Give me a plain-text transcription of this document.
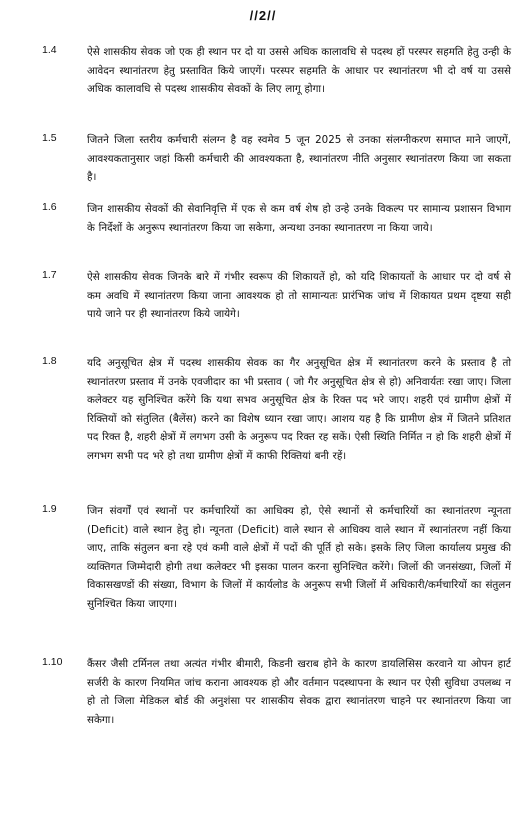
//2//
1.4	ऐसे शासकीय सेवक जो एक ही स्थान पर दो या उससे अधिक कालावधि से पदस्थ हों परस्पर सहमति हेतु उन्ही के आवेदन स्थानांतरण हेतु प्रस्तावित किये जाएगें। परस्पर सहमति के आधार पर स्थानांतरण भी दो वर्ष या उससे अधिक कालावधि से पदस्थ शासकीय सेवकों के लिए लागू होगा।
1.5	जितने जिला स्तरीय कर्मचारी संलग्न है वह स्वमेव 5 जून 2025 से उनका संलग्नीकरण समाप्त माने जाएगें, आवश्यकतानुसार जहां किसी कर्मचारी की आवश्यकता है, स्थानांतरण नीति अनुसार स्थानांतरण किया जा सकता है।
1.6	जिन शासकीय सेवकों की सेवानिवृत्ति में एक से कम वर्ष शेष हो उन्हे उनके विकल्प पर सामान्य प्रशासन विभाग के निर्देशों के अनुरूप स्थानांतरण किया जा सकेगा, अन्यथा उनका स्थानातरण ना किया जाये।
1.7	ऐसे शासकीय सेवक जिनके बारे में गंभीर स्वरूप की शिकायतें हो, को यदि शिकायतों के आधार पर दो वर्ष से कम अवधि में स्थानांतरण किया जाना आवश्यक हो तो सामान्यतः प्रारंभिक जांच में शिकायत प्रथम दृष्टया सही पाये जाने पर ही स्थानांतरण किये जायेगे।
1.8	यदि अनुसूचित क्षेत्र में पदस्थ शासकीय सेवक का गैर अनुसूचित क्षेत्र में स्थानांतरण करने के प्रस्ताव है तो स्थानांतरण प्रस्ताव में उनके एवजीदार का भी प्रस्ताव ( जो गैर अनुसूचित क्षेत्र से हो) अनिवार्यतः रखा जाए। जिला कलेक्टर यह सुनिश्चित करेंगे कि यथा सभव अनुसूचित क्षेत्र के रिक्त पद भरे जाए। शहरी एवं ग्रामीण क्षेत्रों में रिक्तियों को संतुलित (बैलेंस) करने का विशेष ध्यान रखा जाए। आशय यह है कि ग्रामीण क्षेत्र में जितने प्रतिशत पद रिक्त है, शहरी क्षेत्रों में लगभग उसी के अनुरूप पद रिक्त रह सकें। ऐसी स्थिति निर्मित न हो कि शहरी क्षेत्रों में लगभग सभी पद भरे हो तथा ग्रामीण क्षेत्रों में काफी रिक्तियां बनी रहें।
1.9	जिन संवर्गों एवं स्थानों पर कर्मचारियों का आधिक्य हो, ऐसे स्थानों से कर्मचारियों का स्थानांतरण न्यूनता (Deficit) वाले स्थान हेतु हो। न्यूनता (Deficit) वाले स्थान से आधिक्य वाले स्थान में स्थानांतरण नहीं किया जाए, ताकि संतुलन बना रहे एवं कमी वाले क्षेत्रों में पदों की पूर्ति हो सके। इसके लिए जिला कार्यालय प्रमुख की व्यक्तिगत जिम्मेदारी होगी तथा कलेक्टर भी इसका पालन करना सुनिश्चित करेंगे। जिलों की जनसंख्या, जिलों में विकासखण्डों की संख्या, विभाग के जिलों में कार्यलोड के अनुरूप सभी जिलों में अधिकारी/कर्मचारियों का संतुलन सुनिश्चित किया जाएगा।
1.10 कैंसर जैसी टर्मिनल तथा अत्यंत गंभीर बीमारी, किडनी खराब होने के कारण डायलिसिस करवाने या ओपन हार्ट सर्जरी के कारण नियमित जांच कराना आवश्यक हो और वर्तमान पदस्थापना के स्थान पर ऐसी सुविधा उपलब्ध न हो तो जिला मेडिकल बोर्ड की अनुशंसा पर शासकीय सेवक द्वारा स्थानांतरण चाहने पर स्थानांतरण किया जा सकेगा।
